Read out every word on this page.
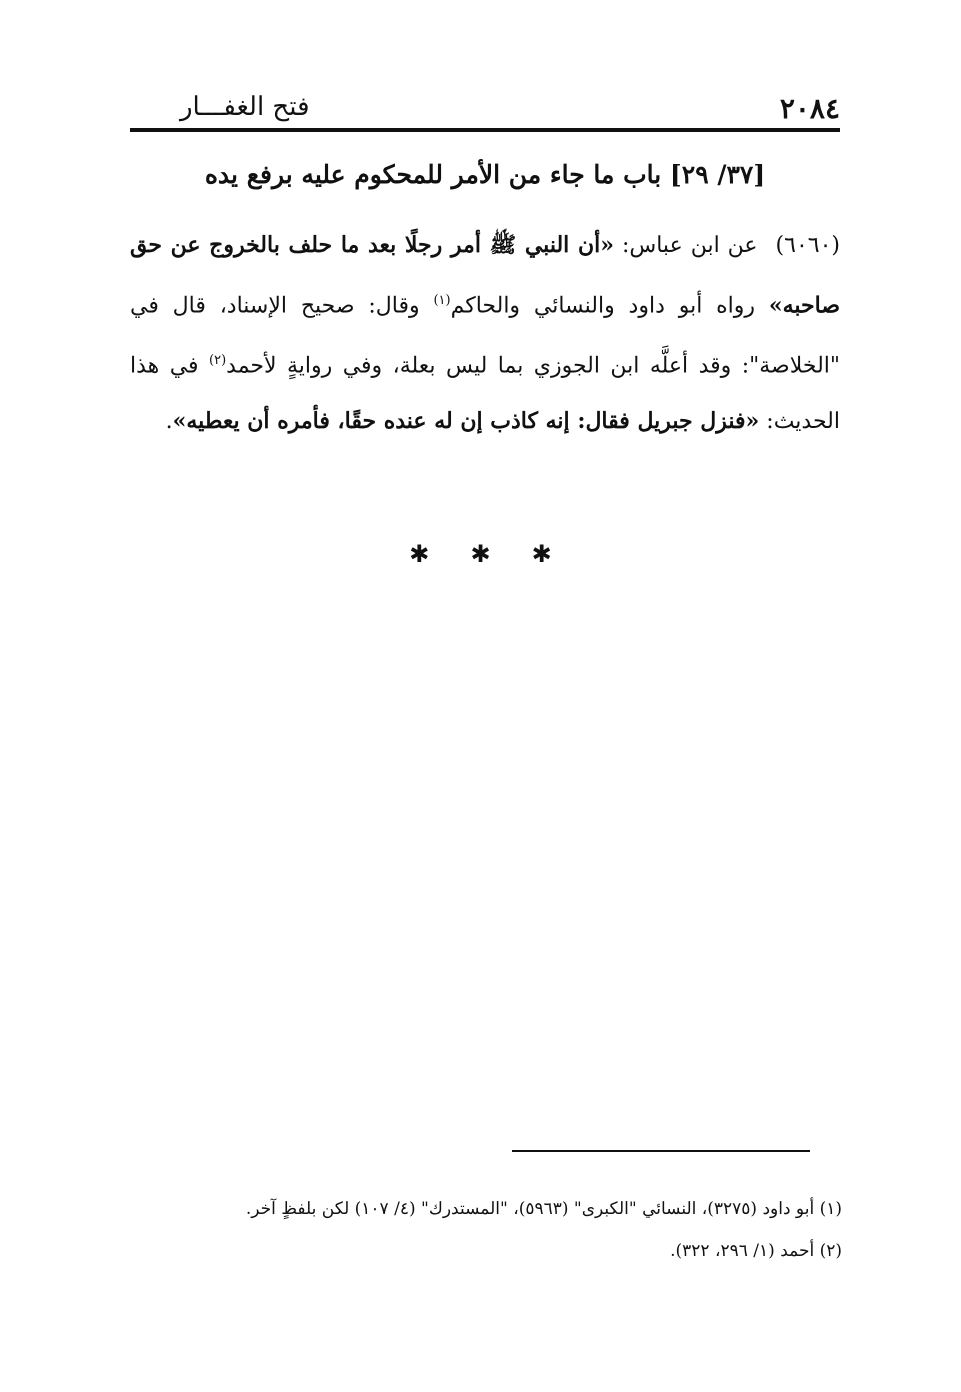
٢٠٨٤
فتح الغفـــار
[٣٧/ ٢٩] باب ما جاء من الأمر للمحكوم عليه برفع يده
(٦٠٦٠)عن ابن عباس: «أن النبي ﷺ أمر رجلًا بعد ما حلف بالخروج عن حق صاحبه» رواه أبو داود والنسائي والحاكم$^{(١)}$ وقال: صحيح الإسناد، قال في "الخلاصة": وقد أعلَّه ابن الجوزي بما ليس بعلة، وفي روايةٍ لأحمد$^{(٢)}$ في هذا الحديث: «فنزل جبريل فقال: إنه كاذب إن له عنده حقًا، فأمره أن يعطيه».
✱ ✱ ✱
(١) أبو داود (٣٢٧٥)، النسائي "الكبرى" (٥٩٦٣)، "المستدرك" (٤/ ١٠٧) لكن بلفظٍ آخر.
(٢) أحمد (١/ ٢٩٦، ٣٢٢).
